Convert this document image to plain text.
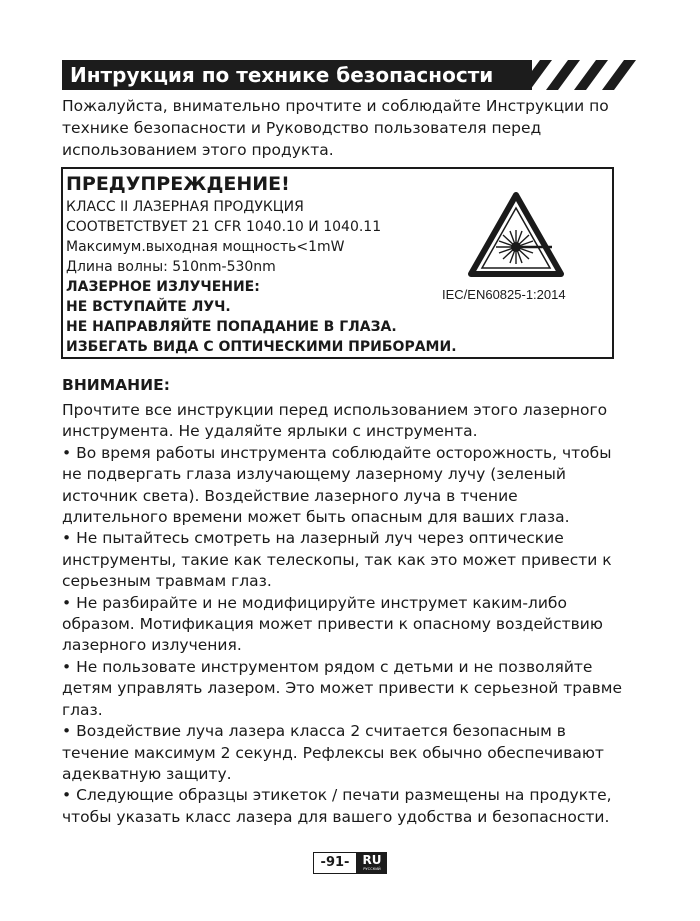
Интрукция по технике безопасности

Пожалуйста, внимательно прочтите и соблюдайте Инструкции по технике безопасности и Руководство пользователя перед использованием этого продукта.

ПРЕДУПРЕЖДЕНИЕ!
КЛАСС II ЛАЗЕРНАЯ ПРОДУКЦИЯ
СООТВЕТСТВУЕТ 21 CFR 1040.10 И 1040.11
Максимум.выходная мощность<1mW
Длина волны: 510nm-530nm
ЛАЗЕРНОЕ ИЗЛУЧЕНИЕ:
НЕ ВСТУПАЙТЕ ЛУЧ.
НЕ НАПРАВЛЯЙТЕ ПОПАДАНИЕ В ГЛАЗА.
ИЗБЕГАТЬ ВИДА С ОПТИЧЕСКИМИ ПРИБОРАМИ.
IEC/EN60825-1:2014
ВНИМАНИЕ:

Прочтите все инструкции перед использованием этого лазерного инструмента. Не удаляйте ярлыки с инструмента.

• Во время работы инструмента соблюдайте осторожность, чтобы не подвергать глаза излучающему лазерному лучу (зеленый источник света). Воздействие лазерного луча в тчение длительного времени может быть опасным для ваших глаза.

• Не пытайтесь смотреть на лазерный луч через оптические инструменты, такие как телескопы, так как это может привести к серьезным травмам глаз.

• Не разбирайте и не модифицируйте инструмет каким-либо образом. Мотификация может привести к опасному воздействию лазерного излучения.

• Не пользовате инструментом рядом с детьми и не позволяйте детям управлять лазером. Это может привести к серьезной травме глаз.

• Воздействие луча лазера класса 2 считается безопасным в течение максимум 2 секунд. Рефлексы век обычно обеспечивают адекватную защиту.

• Следующие образцы этикеток / печати размещены на продукте, чтобы указать класс лазера для вашего удобства и безопасности.

-91-	RU
РУССКИЙ
